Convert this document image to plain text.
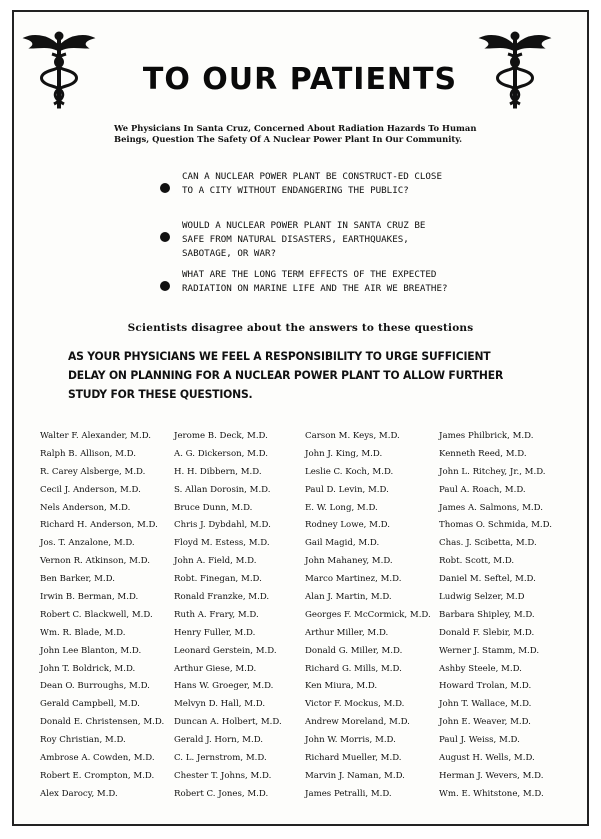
TO OUR PATIENTS
We Physicians In Santa Cruz, Concerned About Radiation Hazards To Human Beings, Question The Safety Of A Nuclear Power Plant In Our Community.
CAN A NUCLEAR POWER PLANT BE CONSTRUCT-ED CLOSE TO A CITY WITHOUT ENDANGERING THE PUBLIC?
WOULD A NUCLEAR POWER PLANT IN SANTA CRUZ BE SAFE FROM NATURAL DISASTERS, EARTHQUAKES, SABOTAGE, OR WAR?
WHAT ARE THE LONG TERM EFFECTS OF THE EXPECTED RADIATION ON MARINE LIFE AND THE AIR WE BREATHE?
Scientists disagree about the answers to these questions
AS YOUR PHYSICIANS WE FEEL A RESPONSIBILITY TO URGE SUFFICIENT DELAY ON PLANNING FOR A NUCLEAR POWER PLANT TO ALLOW FURTHER STUDY FOR THESE QUESTIONS.
Walter F. Alexander, M.D.
Ralph B. Allison, M.D.
R. Carey Alsberge, M.D.
Cecil J. Anderson, M.D.
Nels Anderson, M.D.
Richard H. Anderson, M.D.
Jos. T. Anzalone, M.D.
Vernon R. Atkinson, M.D.
Ben Barker, M.D.
Irwin B. Berman, M.D.
Robert C. Blackwell, M.D.
Wm. R. Blade, M.D.
John Lee Blanton, M.D.
John T. Boldrick, M.D.
Dean O. Burroughs, M.D.
Gerald Campbell, M.D.
Donald E. Christensen, M.D.
Roy Christian, M.D.
Ambrose A. Cowden, M.D.
Robert E. Crompton, M.D.
Alex Darocy, M.D.
Jerome B. Deck, M.D.
A. G. Dickerson, M.D.
H. H. Dibbern, M.D.
S. Allan Dorosin, M.D.
Bruce Dunn, M.D.
Chris J. Dybdahl, M.D.
Floyd M. Estess, M.D.
John A. Field, M.D.
Robt. Finegan, M.D.
Ronald Franzke, M.D.
Ruth A. Frary, M.D.
Henry Fuller, M.D.
Leonard Gerstein, M.D.
Arthur Giese, M.D.
Hans W. Groeger, M.D.
Melvyn D. Hall, M.D.
Duncan A. Holbert, M.D.
Gerald J. Horn, M.D.
C. L. Jernstrom, M.D.
Chester T. Johns, M.D.
Robert C. Jones, M.D.
Carson M. Keys, M.D.
John J. King, M.D.
Leslie C. Koch, M.D.
Paul D. Levin, M.D.
E. W. Long, M.D.
Rodney Lowe, M.D.
Gail Magid, M.D.
John Mahaney, M.D.
Marco Martinez, M.D.
Alan J. Martin, M.D.
Georges F. McCormick, M.D.
Arthur Miller, M.D.
Donald G. Miller, M.D.
Richard G. Mills, M.D.
Ken Miura, M.D.
Victor F. Mockus, M.D.
Andrew Moreland, M.D.
John W. Morris, M.D.
Richard Mueller, M.D.
Marvin J. Naman, M.D.
James Petralli, M.D.
James Philbrick, M.D.
Kenneth Reed, M.D.
John L. Ritchey, Jr., M.D.
Paul A. Roach, M.D.
James A. Salmons, M.D.
Thomas O. Schmida, M.D.
Chas. J. Scibetta, M.D.
Robt. Scott, M.D.
Daniel M. Seftel, M.D.
Ludwig Selzer, M.D
Barbara Shipley, M.D.
Donald F. Slebir, M.D.
Werner J. Stamm, M.D.
Ashby Steele, M.D.
Howard Trolan, M.D.
John T. Wallace, M.D.
John E. Weaver, M.D.
Paul J. Weiss, M.D.
August H. Wells, M.D.
Herman J. Wevers, M.D.
Wm. E. Whitstone, M.D.
